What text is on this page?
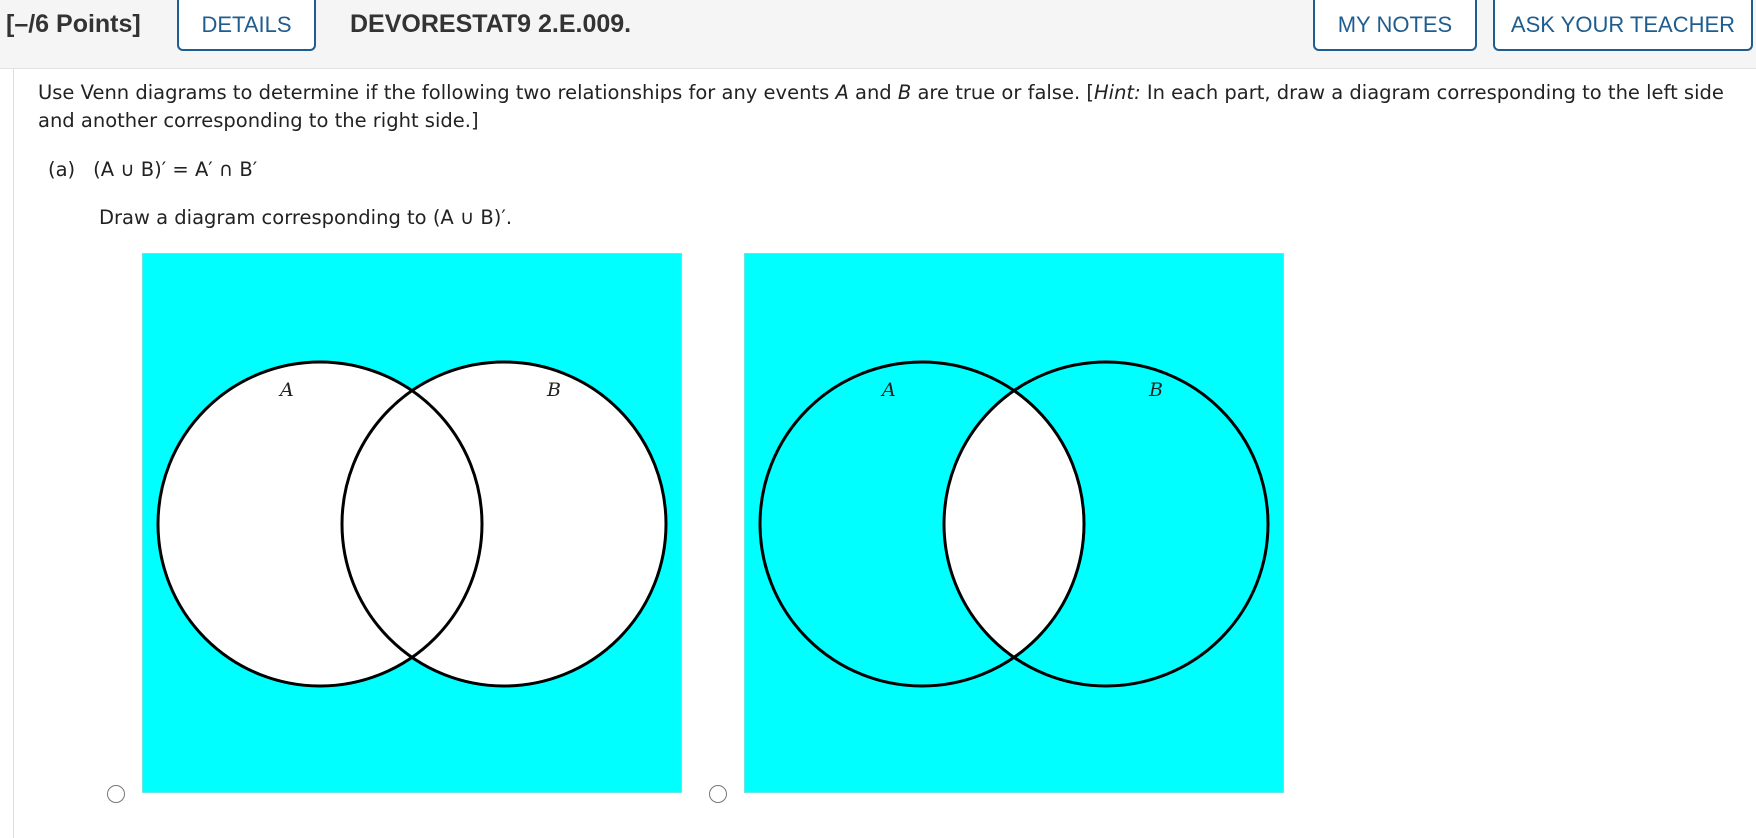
[–/6 Points]	DETAILS	DEVORESTAT9 2.E.009.	MY NOTES	ASK YOUR TEACHER
Use Venn diagrams to determine if the following two relationships for any events A and B are true or false. [Hint: In each part, draw a diagram corresponding to the left side and another corresponding to the right side.]
(a) (A ∪ B)′ = A′ ∩ B′
Draw a diagram corresponding to (A ∪ B)′.
A	B	A	B
